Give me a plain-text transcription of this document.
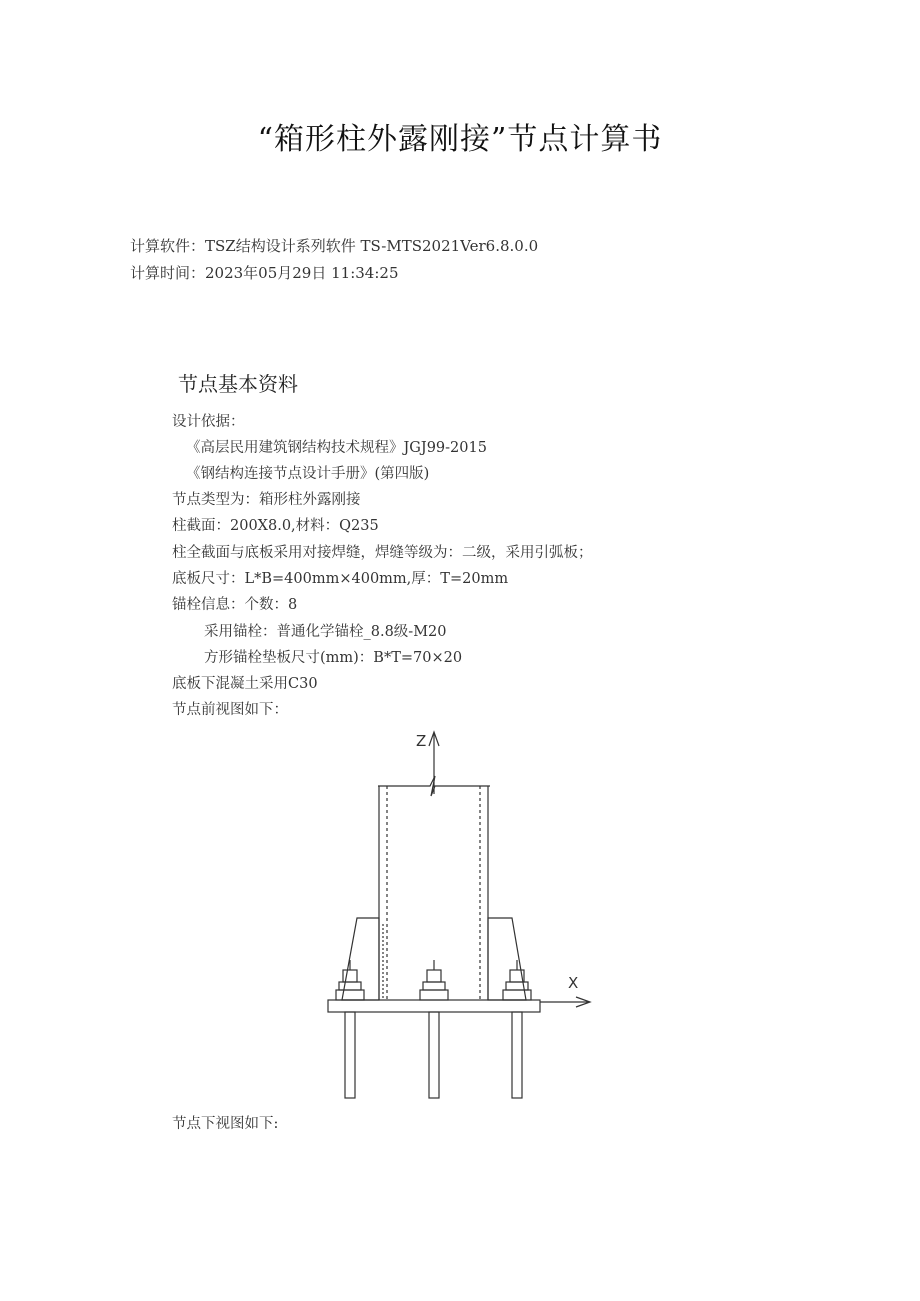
“箱形柱外露刚接”节点计算书
计算软件：TSZ结构设计系列软件 TS-MTS2021Ver6.8.0.0
计算时间：2023年05月29日 11:34:25
节点基本资料
设计依据：
《高层民用建筑钢结构技术规程》JGJ99-2015
《钢结构连接节点设计手册》(第四版)
节点类型为：箱形柱外露刚接
柱截面：200X8.0,材料：Q235
柱全截面与底板采用对接焊缝，焊缝等级为：二级，采用引弧板；
底板尺寸：L*B=400mm×400mm,厚：T=20mm
锚栓信息：个数：8
采用锚栓：普通化学锚栓_8.8级-M20
方形锚栓垫板尺寸(mm)：B*T=70×20
底板下混凝土采用C30
节点前视图如下：
Z
X
节点下视图如下:
